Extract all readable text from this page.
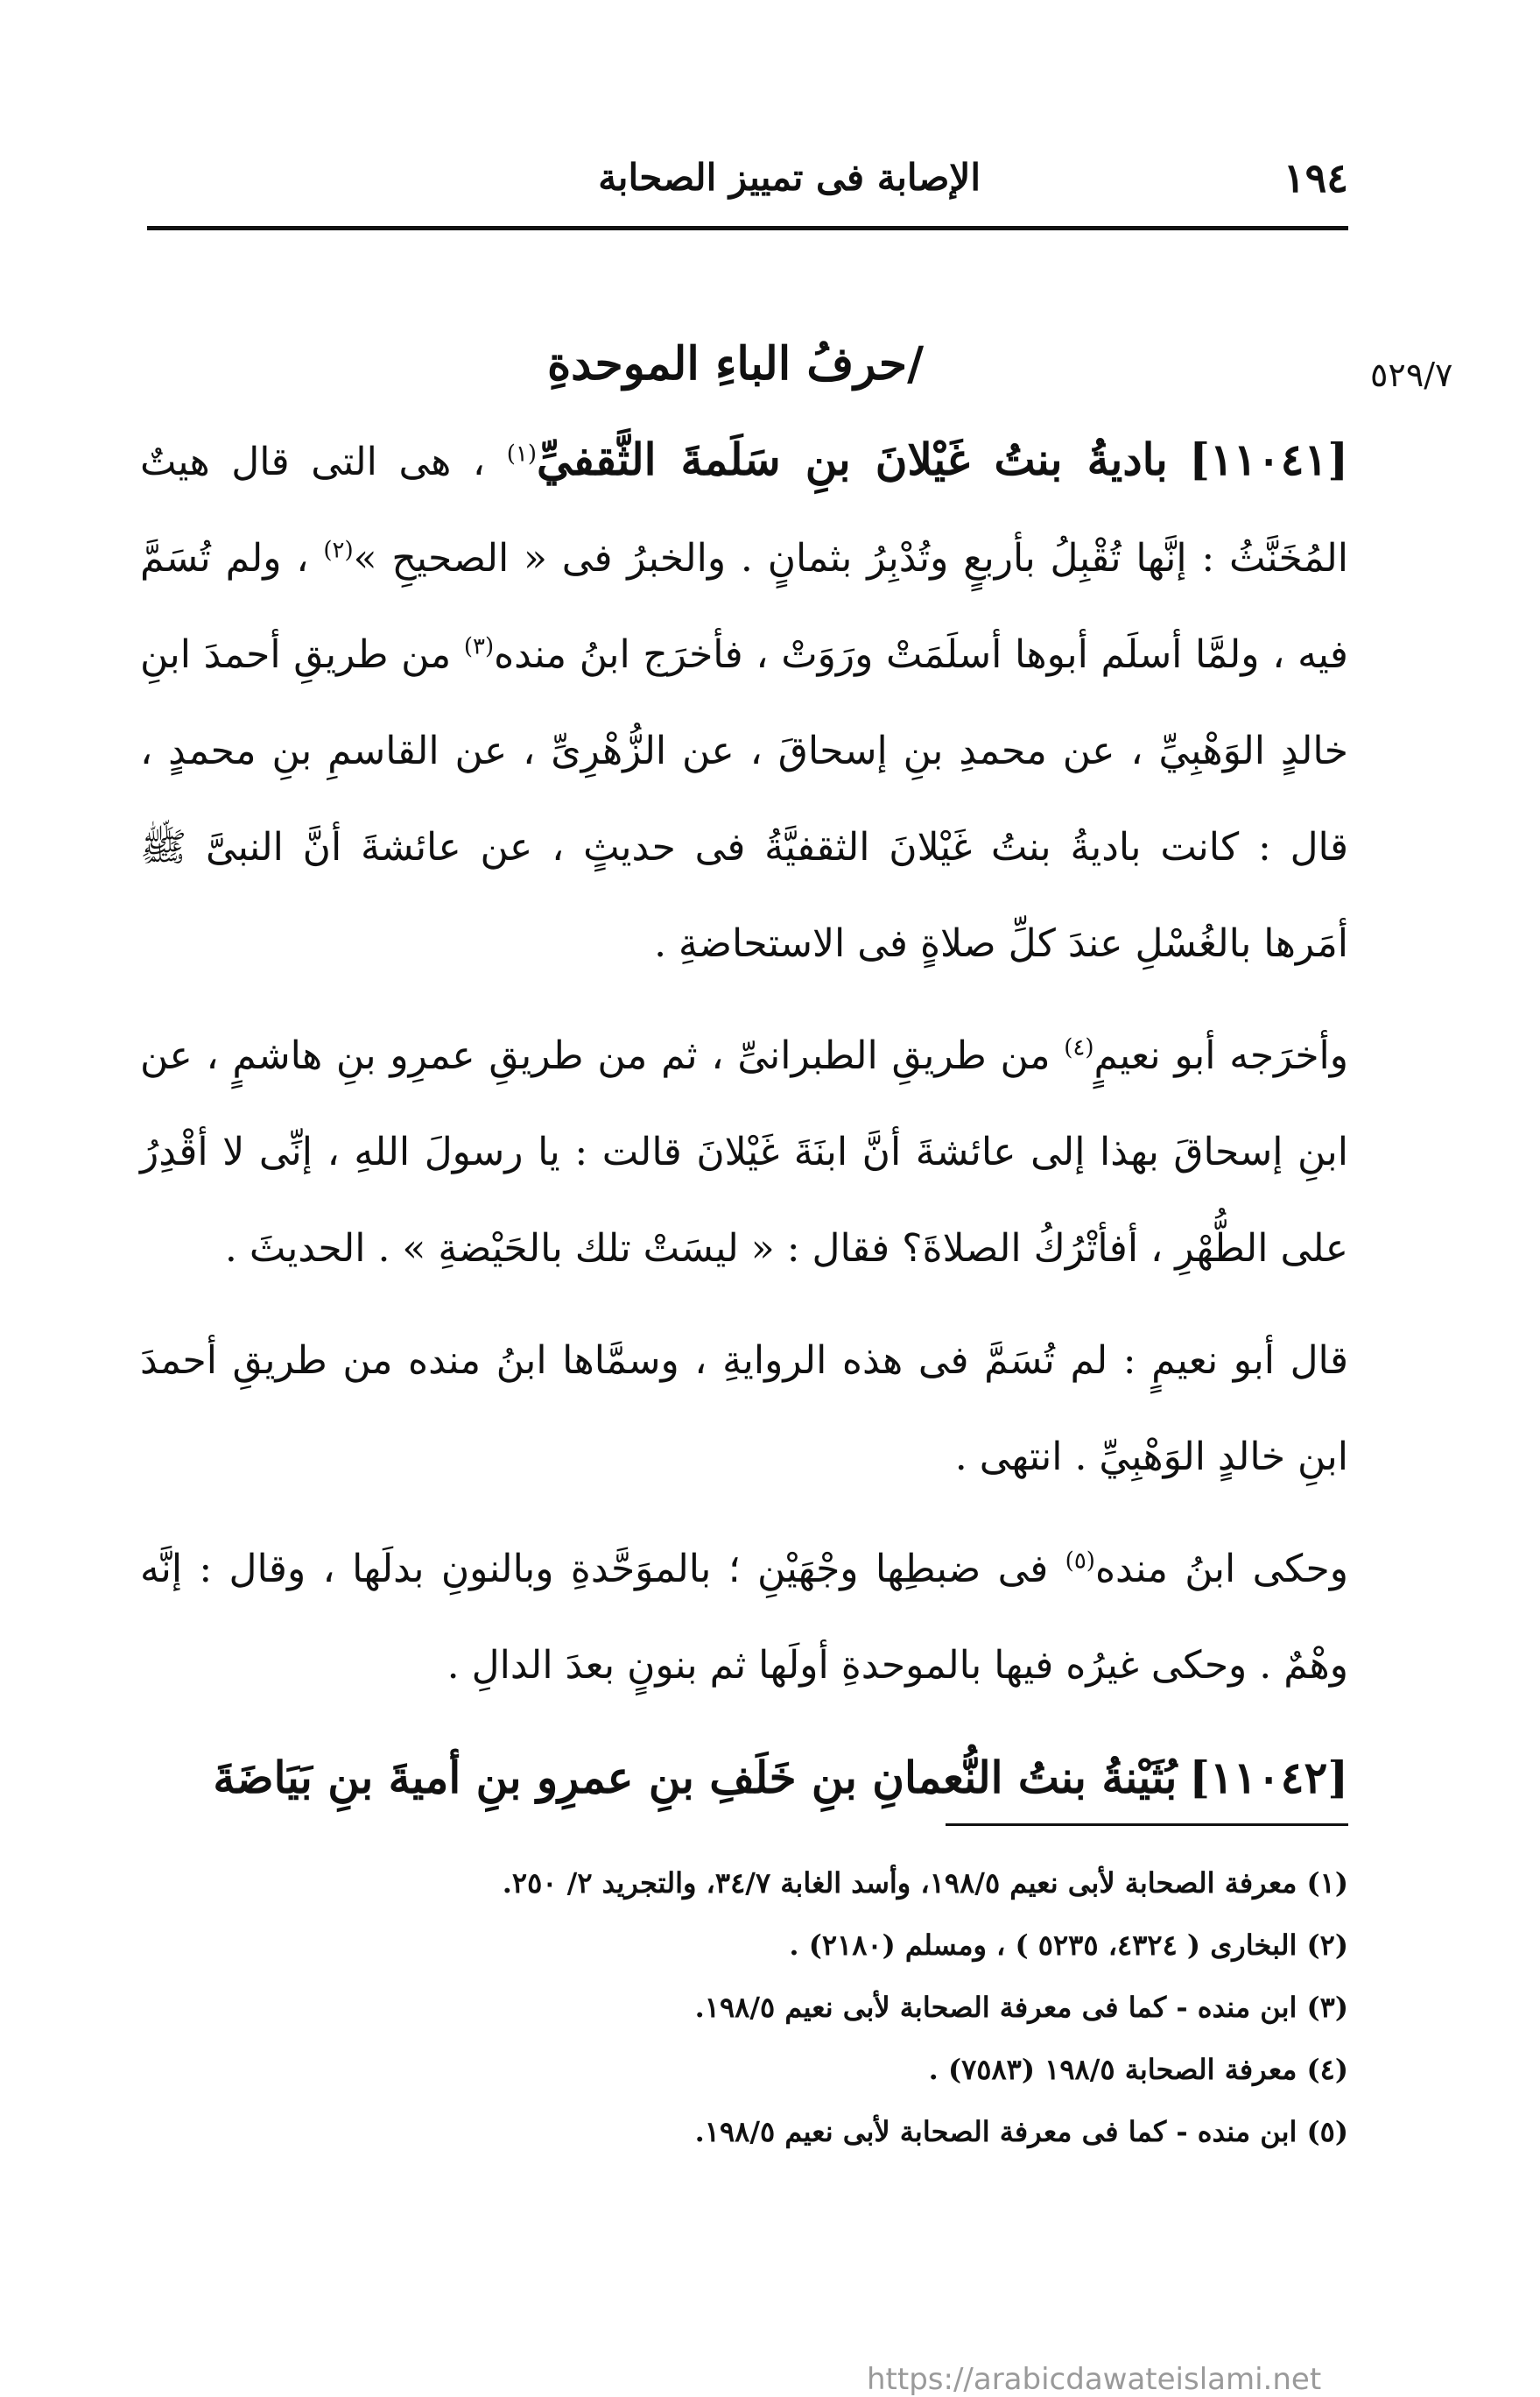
الإصابة فى تمييز الصحابة	١٩٤
٥٢٩/٧
/حرفُ الباءِ الموحدةِ

[١١٠٤١] باديةُ بنتُ غَيْلانَ بنِ سَلَمةَ الثَّقفيِّ$^{(١)}$ ، هى التى قال هيتٌ المُخَنَّثُ : إنَّها تُقْبِلُ بأربعٍ وتُدْبِرُ بثمانٍ . والخبرُ فى « الصحيحِ »$^{(٢)}$ ، ولم تُسَمَّ فيه ، ولمَّا أسلَم أبوها أسلَمَتْ ورَوَتْ ، فأخرَج ابنُ منده$^{(٣)}$ من طريقِ أحمدَ ابنِ خالدٍ الوَهْبِيِّ ، عن محمدِ بنِ إسحاقَ ، عن الزُّهْرِىِّ ، عن القاسمِ بنِ محمدٍ ، قال : كانت باديةُ بنتُ غَيْلانَ الثقفيَّةُ فى حديثٍ ، عن عائشةَ أنَّ النبىَّ ﷺ أمَرها بالغُسْلِ عندَ كلِّ صلاةٍ فى الاستحاضةِ .

وأخرَجه أبو نعيمٍ$^{(٤)}$ من طريقِ الطبرانىِّ ، ثم من طريقِ عمرِو بنِ هاشمٍ ، عن ابنِ إسحاقَ بهذا إلى عائشةَ أنَّ ابنَةَ غَيْلانَ قالت : يا رسولَ اللهِ ، إنِّى لا أقْدِرُ على الطُّهْرِ ، أفأتْرُكُ الصلاةَ؟ فقال : « ليسَتْ تلك بالحَيْضةِ » . الحديثَ .

قال أبو نعيمٍ : لم تُسَمَّ فى هذه الروايةِ ، وسمَّاها ابنُ منده من طريقِ أحمدَ ابنِ خالدٍ الوَهْبِيِّ . انتهى .

وحكى ابنُ منده$^{(٥)}$ فى ضبطِها وجْهَيْنِ ؛ بالموَحَّدةِ وبالنونِ بدلَها ، وقال : إنَّه وهْمٌ . وحكى غيرُه فيها بالموحدةِ أولَها ثم بنونٍ بعدَ الدالِ .

[١١٠٤٢] بُثَيْنةُ بنتُ النُّعمانِ بنِ خَلَفِ بنِ عمرِو بنِ أميةَ بنِ بَيَاضَةَ

(١) معرفة الصحابة لأبى نعيم ١٩٨/٥، وأسد الغابة ٣٤/٧، والتجريد ٢/ ٢٥٠.
(٢) البخارى ( ٤٣٢٤، ٥٢٣٥ ) ، ومسلم (٢١٨٠) .
(٣) ابن منده - كما فى معرفة الصحابة لأبى نعيم ١٩٨/٥.
(٤) معرفة الصحابة ١٩٨/٥ (٧٥٨٣) .
(٥) ابن منده - كما فى معرفة الصحابة لأبى نعيم ١٩٨/٥.
https://arabicdawateislami.net
